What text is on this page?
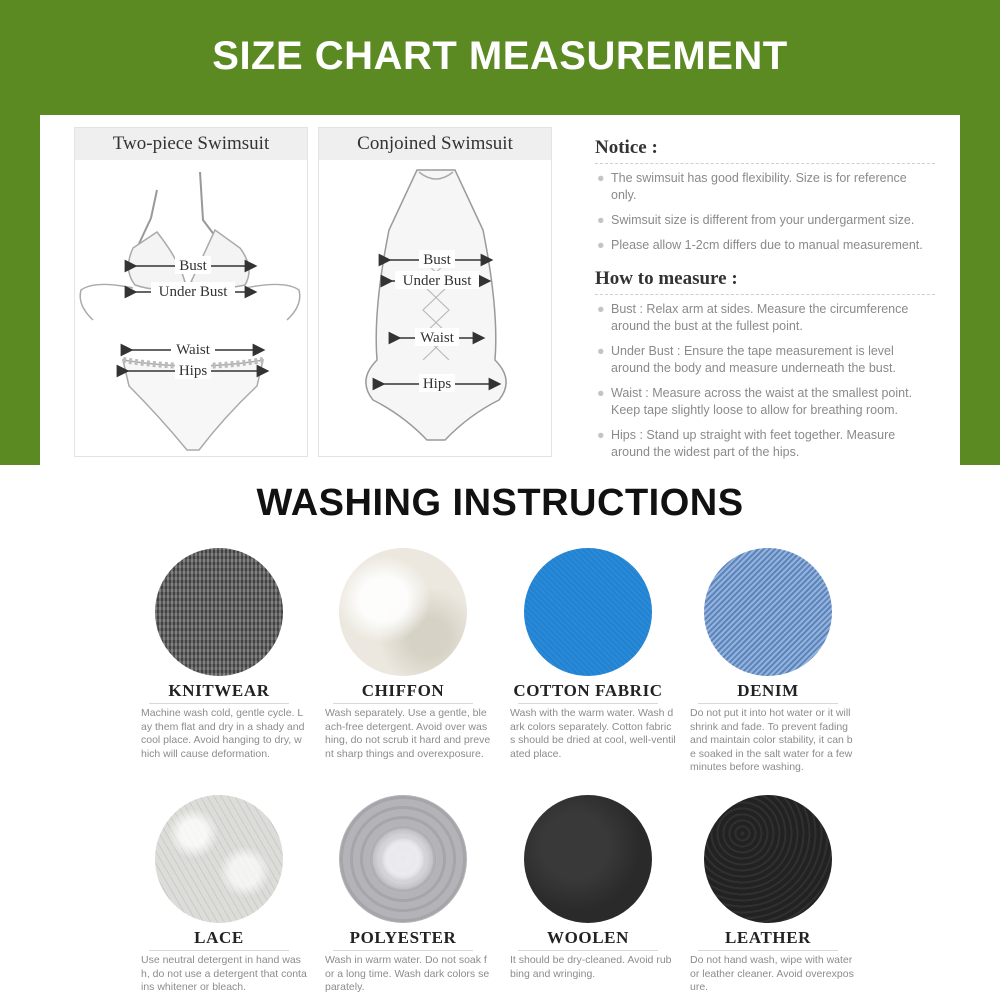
SIZE CHART MEASUREMENT
Two-piece Swimsuit
Bust
Under Bust
Waist
Hips
Conjoined Swimsuit
Bust
Under Bust
Waist
Hips
Notice :
● The swimsuit has good flexibility. Size is for reference only.
● Swimsuit size is different from your undergarment size.
● Please allow 1-2cm differs due to manual measurement.
How to measure :
● Bust : Relax arm at sides. Measure the circumference around the bust at the fullest point.
● Under Bust : Ensure the tape measurement is level around the body and measure underneath the bust.
● Waist : Measure across the waist at the smallest point. Keep tape slightly loose to allow for breathing room.
● Hips : Stand up straight with feet together. Measure around the widest part of the hips.
WASHING INSTRUCTIONS
KNITWEAR
Machine wash cold, gentle cycle. Lay them flat and dry in a shady and cool place. Avoid hanging to dry, which will cause deformation.
CHIFFON
Wash separately. Use a gentle, bleach-free detergent. Avoid over washing, do not scrub it hard and prevent sharp things and overexposure.
COTTON FABRIC
Wash with the warm water. Wash dark colors separately. Cotton fabrics should be dried at cool, well-ventilated place.
DENIM
Do not put it into hot water or it will shrink and fade. To prevent fading and maintain color stability, it can be soaked in the salt water for a few minutes before washing.
LACE
Use neutral detergent in hand wash, do not use a detergent that contains whitener or bleach.
POLYESTER
Wash in warm water. Do not soak for a long time. Wash dark colors separately.
WOOLEN
It should be dry-cleaned. Avoid rubbing and wringing.
LEATHER
Do not hand wash, wipe with water or leather cleaner. Avoid overexposure.
